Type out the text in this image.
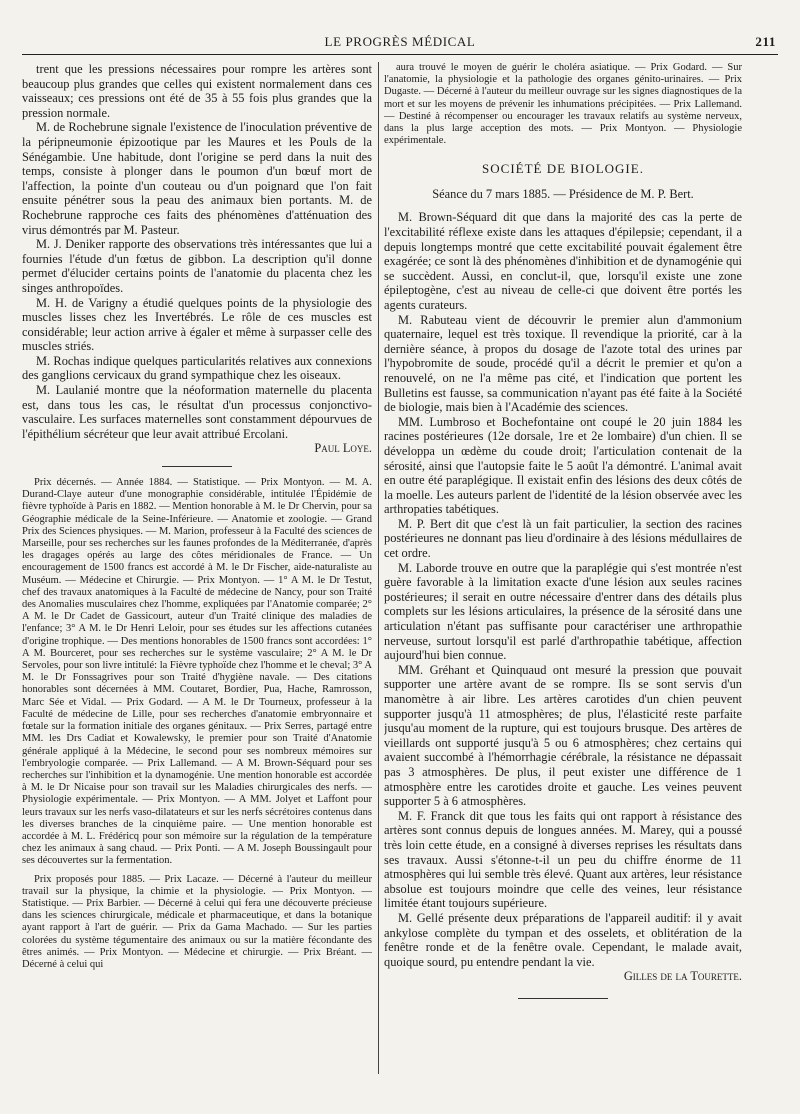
LE PROGRÈS MÉDICAL	211

trent que les pressions nécessaires pour rompre les artères sont beaucoup plus grandes que celles qui existent normalement dans ces vaisseaux; ces pressions ont été de 35 à 55 fois plus grandes que la pression normale.

M. de Rochebrune signale l'existence de l'inoculation préventive de la péripneumonie épizootique par les Maures et les Pouls de la Sénégambie. Une habitude, dont l'origine se perd dans la nuit des temps, consiste à plonger dans le poumon d'un bœuf mort de l'affection, la pointe d'un couteau ou d'un poignard que l'on fait ensuite pénétrer sous la peau des animaux bien portants. M. de Rochebrune rapproche ces faits des phénomènes d'atténuation des virus démontrés par M. Pasteur.

M. J. Deniker rapporte des observations très intéressantes que lui a fournies l'étude d'un fœtus de gibbon. La description qu'il donne permet d'élucider certains points de l'anatomie du placenta chez les singes anthropoïdes.

M. H. de Varigny a étudié quelques points de la physiologie des muscles lisses chez les Invertébrés. Le rôle de ces muscles est considérable; leur action arrive à égaler et même à surpasser celle des muscles striés.

M. Rochas indique quelques particularités relatives aux connexions des ganglions cervicaux du grand sympathique chez les oiseaux.

M. Laulanié montre que la néoformation maternelle du placenta est, dans tous les cas, le résultat d'un processus conjonctivo-vasculaire. Les surfaces maternelles sont constamment dépourvues de l'épithélium sécréteur que leur avait attribué Ercolani.

Paul Loye.

Prix décernés. — Année 1884. — Statistique. — Prix Montyon. — M. A. Durand-Claye auteur d'une monographie considérable, intitulée l'Épidémie de fièvre typhoïde à Paris en 1882. — Mention honorable à M. le Dr Chervin, pour sa Géographie médicale de la Seine-Inférieure. — Anatomie et zoologie. — Grand Prix des Sciences physiques. — M. Marion, professeur à la Faculté des sciences de Marseille, pour ses recherches sur les faunes profondes de la Méditerranée, d'après les dragages opérés au large des côtes méridionales de France. — Un encouragement de 1500 francs est accordé à M. le Dr Fischer, aide-naturaliste au Muséum. — Médecine et Chirurgie. — Prix Montyon. — 1° A M. le Dr Testut, chef des travaux anatomiques à la Faculté de médecine de Nancy, pour son Traité des Anomalies musculaires chez l'homme, expliquées par l'Anatomie comparée; 2° A M. le Dr Cadet de Gassicourt, auteur d'un Traité clinique des maladies de l'enfance; 3° A M. le Dr Henri Leloir, pour ses études sur les affections cutanées d'origine trophique. — Des mentions honorables de 1500 francs sont accordées: 1° A M. Bourceret, pour ses recherches sur le système vasculaire; 2° A M. le Dr Servoles, pour son livre intitulé: la Fièvre typhoïde chez l'homme et le cheval; 3° A M. le Dr Fonssagrives pour son Traité d'hygiène navale. — Des citations honorables sont décernées à MM. Coutaret, Bordier, Pua, Hache, Ramrosson, Marc Sée et Vidal. — Prix Godard. — A M. le Dr Tourneux, professeur à la Faculté de médecine de Lille, pour ses recherches d'anatomie embryonnaire et fœtale sur la formation initiale des organes génitaux. — Prix Serres, partagé entre MM. les Drs Cadiat et Kowalewsky, le premier pour son Traité d'Anatomie générale appliqué à la Médecine, le second pour ses nombreux mémoires sur l'embryologie comparée. — Prix Lallemand. — A M. Brown-Séquard pour ses recherches sur l'inhibition et la dynamogénie. Une mention honorable est accordée à M. le Dr Nicaise pour son travail sur les Maladies chirurgicales des nerfs. — Physiologie expérimentale. — Prix Montyon. — A MM. Jolyet et Laffont pour leurs travaux sur les nerfs vaso-dilatateurs et sur les nerfs sécrétoires contenus dans les diverses branches de la cinquième paire. — Une mention honorable est accordée à M. L. Frédéricq pour son mémoire sur la régulation de la température chez les animaux à sang chaud. — Prix Ponti. — A M. Joseph Boussingault pour ses découvertes sur la fermentation.

Prix proposés pour 1885. — Prix Lacaze. — Décerné à l'auteur du meilleur travail sur la physique, la chimie et la physiologie. — Prix Montyon. — Statistique. — Prix Barbier. — Décerné à celui qui fera une découverte précieuse dans les sciences chirurgicale, médicale et pharmaceutique, et dans la botanique ayant rapport à l'art de guérir. — Prix da Gama Machado. — Sur les parties colorées du système tégumentaire des animaux ou sur la matière fécondante des êtres animés. — Prix Montyon. — Médecine et chirurgie. — Prix Bréant. — Décerné à celui qui

aura trouvé le moyen de guérir le choléra asiatique. — Prix Godard. — Sur l'anatomie, la physiologie et la pathologie des organes génito-urinaires. — Prix Dugaste. — Décerné à l'auteur du meilleur ouvrage sur les signes diagnostiques de la mort et sur les moyens de prévenir les inhumations précipitées. — Prix Lallemand. — Destiné à récompenser ou encourager les travaux relatifs au système nerveux, dans la plus large acception des mots. — Prix Montyon. — Physiologie expérimentale.

SOCIÉTÉ DE BIOLOGIE.
Séance du 7 mars 1885. — Présidence de M. P. Bert.

M. Brown-Séquard dit que dans la majorité des cas la perte de l'excitabilité réflexe existe dans les attaques d'épilepsie; cependant, il a depuis longtemps montré que cette excitabilité pouvait également être exagérée; ce sont là des phénomènes d'inhibition et de dynamogénie qui se succèdent. Aussi, en conclut-il, que, lorsqu'il existe une zone épileptogène, c'est au niveau de celle-ci que doivent être portés les agents curateurs.

M. Rabuteau vient de découvrir le premier alun d'ammonium quaternaire, lequel est très toxique. Il revendique la priorité, car à la dernière séance, à propos du dosage de l'azote total des urines par l'hypobromite de soude, procédé qu'il a décrit le premier et qu'on a renouvelé, on ne l'a même pas cité, et l'indication que portent les Bulletins est fausse, sa communication n'ayant pas été faite à la Société de biologie, mais bien à l'Académie des sciences.

MM. Lumbroso et Bochefontaine ont coupé le 20 juin 1884 les racines postérieures (12e dorsale, 1re et 2e lombaire) d'un chien. Il se développa un œdème du coude droit; l'articulation contenait de la sérosité, ainsi que l'autopsie faite le 5 août l'a démontré. L'animal avait en outre été paraplégique. Il existait enfin des lésions des deux côtés de la moelle. Les auteurs parlent de l'identité de la lésion observée avec les arthropaties tabétiques.

M. P. Bert dit que c'est là un fait particulier, la section des racines postérieures ne donnant pas lieu d'ordinaire à des lésions médullaires de cet ordre.

M. Laborde trouve en outre que la paraplégie qui s'est montrée n'est guère favorable à la limitation exacte d'une lésion aux seules racines postérieures; il serait en outre nécessaire d'entrer dans des détails plus complets sur les lésions articulaires, la présence de la sérosité dans une articulation n'étant pas suffisante pour caractériser une arthropathie nerveuse, surtout lorsqu'il est parlé d'arthropathie tabétique, affection aujourd'hui bien connue.

MM. Gréhant et Quinquaud ont mesuré la pression que pouvait supporter une artère avant de se rompre. Ils se sont servis d'un manomètre à air libre. Les artères carotides d'un chien peuvent supporter jusqu'à 11 atmosphères; de plus, l'élasticité reste parfaite jusqu'au moment de la rupture, qui est toujours brusque. Des artères de vieillards ont supporté jusqu'à 5 ou 6 atmosphères; chez certains qui avaient succombé à l'hémorrhagie cérébrale, la résistance ne dépassait pas 3 atmosphères. De plus, il peut exister une différence de 1 atmosphère entre les carotides droite et gauche. Les veines peuvent supporter 5 à 6 atmosphères.

M. F. Franck dit que tous les faits qui ont rapport à résistance des artères sont connus depuis de longues années. M. Marey, qui a poussé très loin cette étude, en a consigné à diverses reprises les résultats dans ses travaux. Aussi s'étonne-t-il un peu du chiffre énorme de 11 atmosphères qui lui semble très élevé. Quant aux artères, leur résistance absolue est toujours moindre que celle des veines, leur résistance limitée étant toujours supérieure.

M. Gellé présente deux préparations de l'appareil auditif: il y avait ankylose complète du tympan et des osselets, et oblitération de la fenêtre ronde et de la fenêtre ovale. Cependant, le malade avait, quoique sourd, pu entendre pendant la vie.

Gilles de la Tourette.
